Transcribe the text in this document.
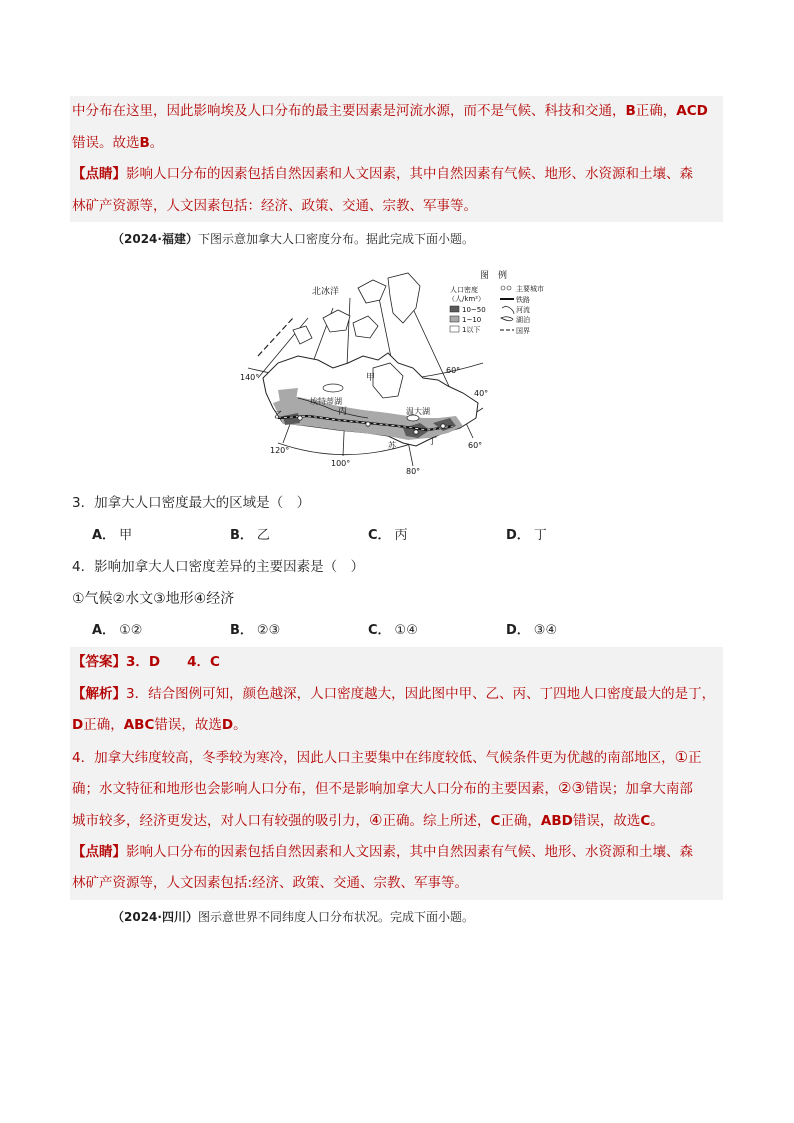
中分布在这里，因此影响埃及人口分布的最主要因素是河流水源，而不是气候、科技和交通，B正确，ACD
错误。故选B。
【点睛】影响人口分布的因素包括自然因素和人文因素，其中自然因素有气候、地形、水资源和土壤、森
林矿产资源等，人文因素包括：经济、政策、交通、宗教、军事等。
（2024·福建）下图示意加拿大人口密度分布。据此完成下面小题。
3．加拿大人口密度最大的区域是（　）
A． 甲	B． 乙	C． 丙	D． 丁
4．影响加拿大人口密度差异的主要因素是（　）
①气候②水文③地形④经济
A． ①②	B． ②③	C． ①④	D． ③④
【答案】3．D　　4．C
【解析】3．结合图例可知，颜色越深，人口密度越大，因此图中甲、乙、丙、丁四地人口密度最大的是丁，
D正确，ABC错误，故选D。
4．加拿大纬度较高，冬季较为寒冷，因此人口主要集中在纬度较低、气候条件更为优越的南部地区，①正
确；水文特征和地形也会影响人口分布，但不是影响加拿大人口分布的主要因素，②③错误；加拿大南部
城市较多，经济更发达，对人口有较强的吸引力，④正确。综上所述，C正确，ABD错误，故选C。
【点睛】影响人口分布的因素包括自然因素和人文因素，其中自然因素有气候、地形、水资源和土壤、森
林矿产资源等，人文因素包括:经济、政策、交通、宗教、军事等。
（2024·四川）图示意世界不同纬度人口分布状况。完成下面小题。
北冰洋
140°
120°
100°
80°
60°
60°
40°
甲
乙	丙
丁
埃特蒂湖
温大湖
苏
图　例
人口密度
（人/km²）
10~50
1~10
1以下
主要城市
铁路
河流
湖泊
国界
